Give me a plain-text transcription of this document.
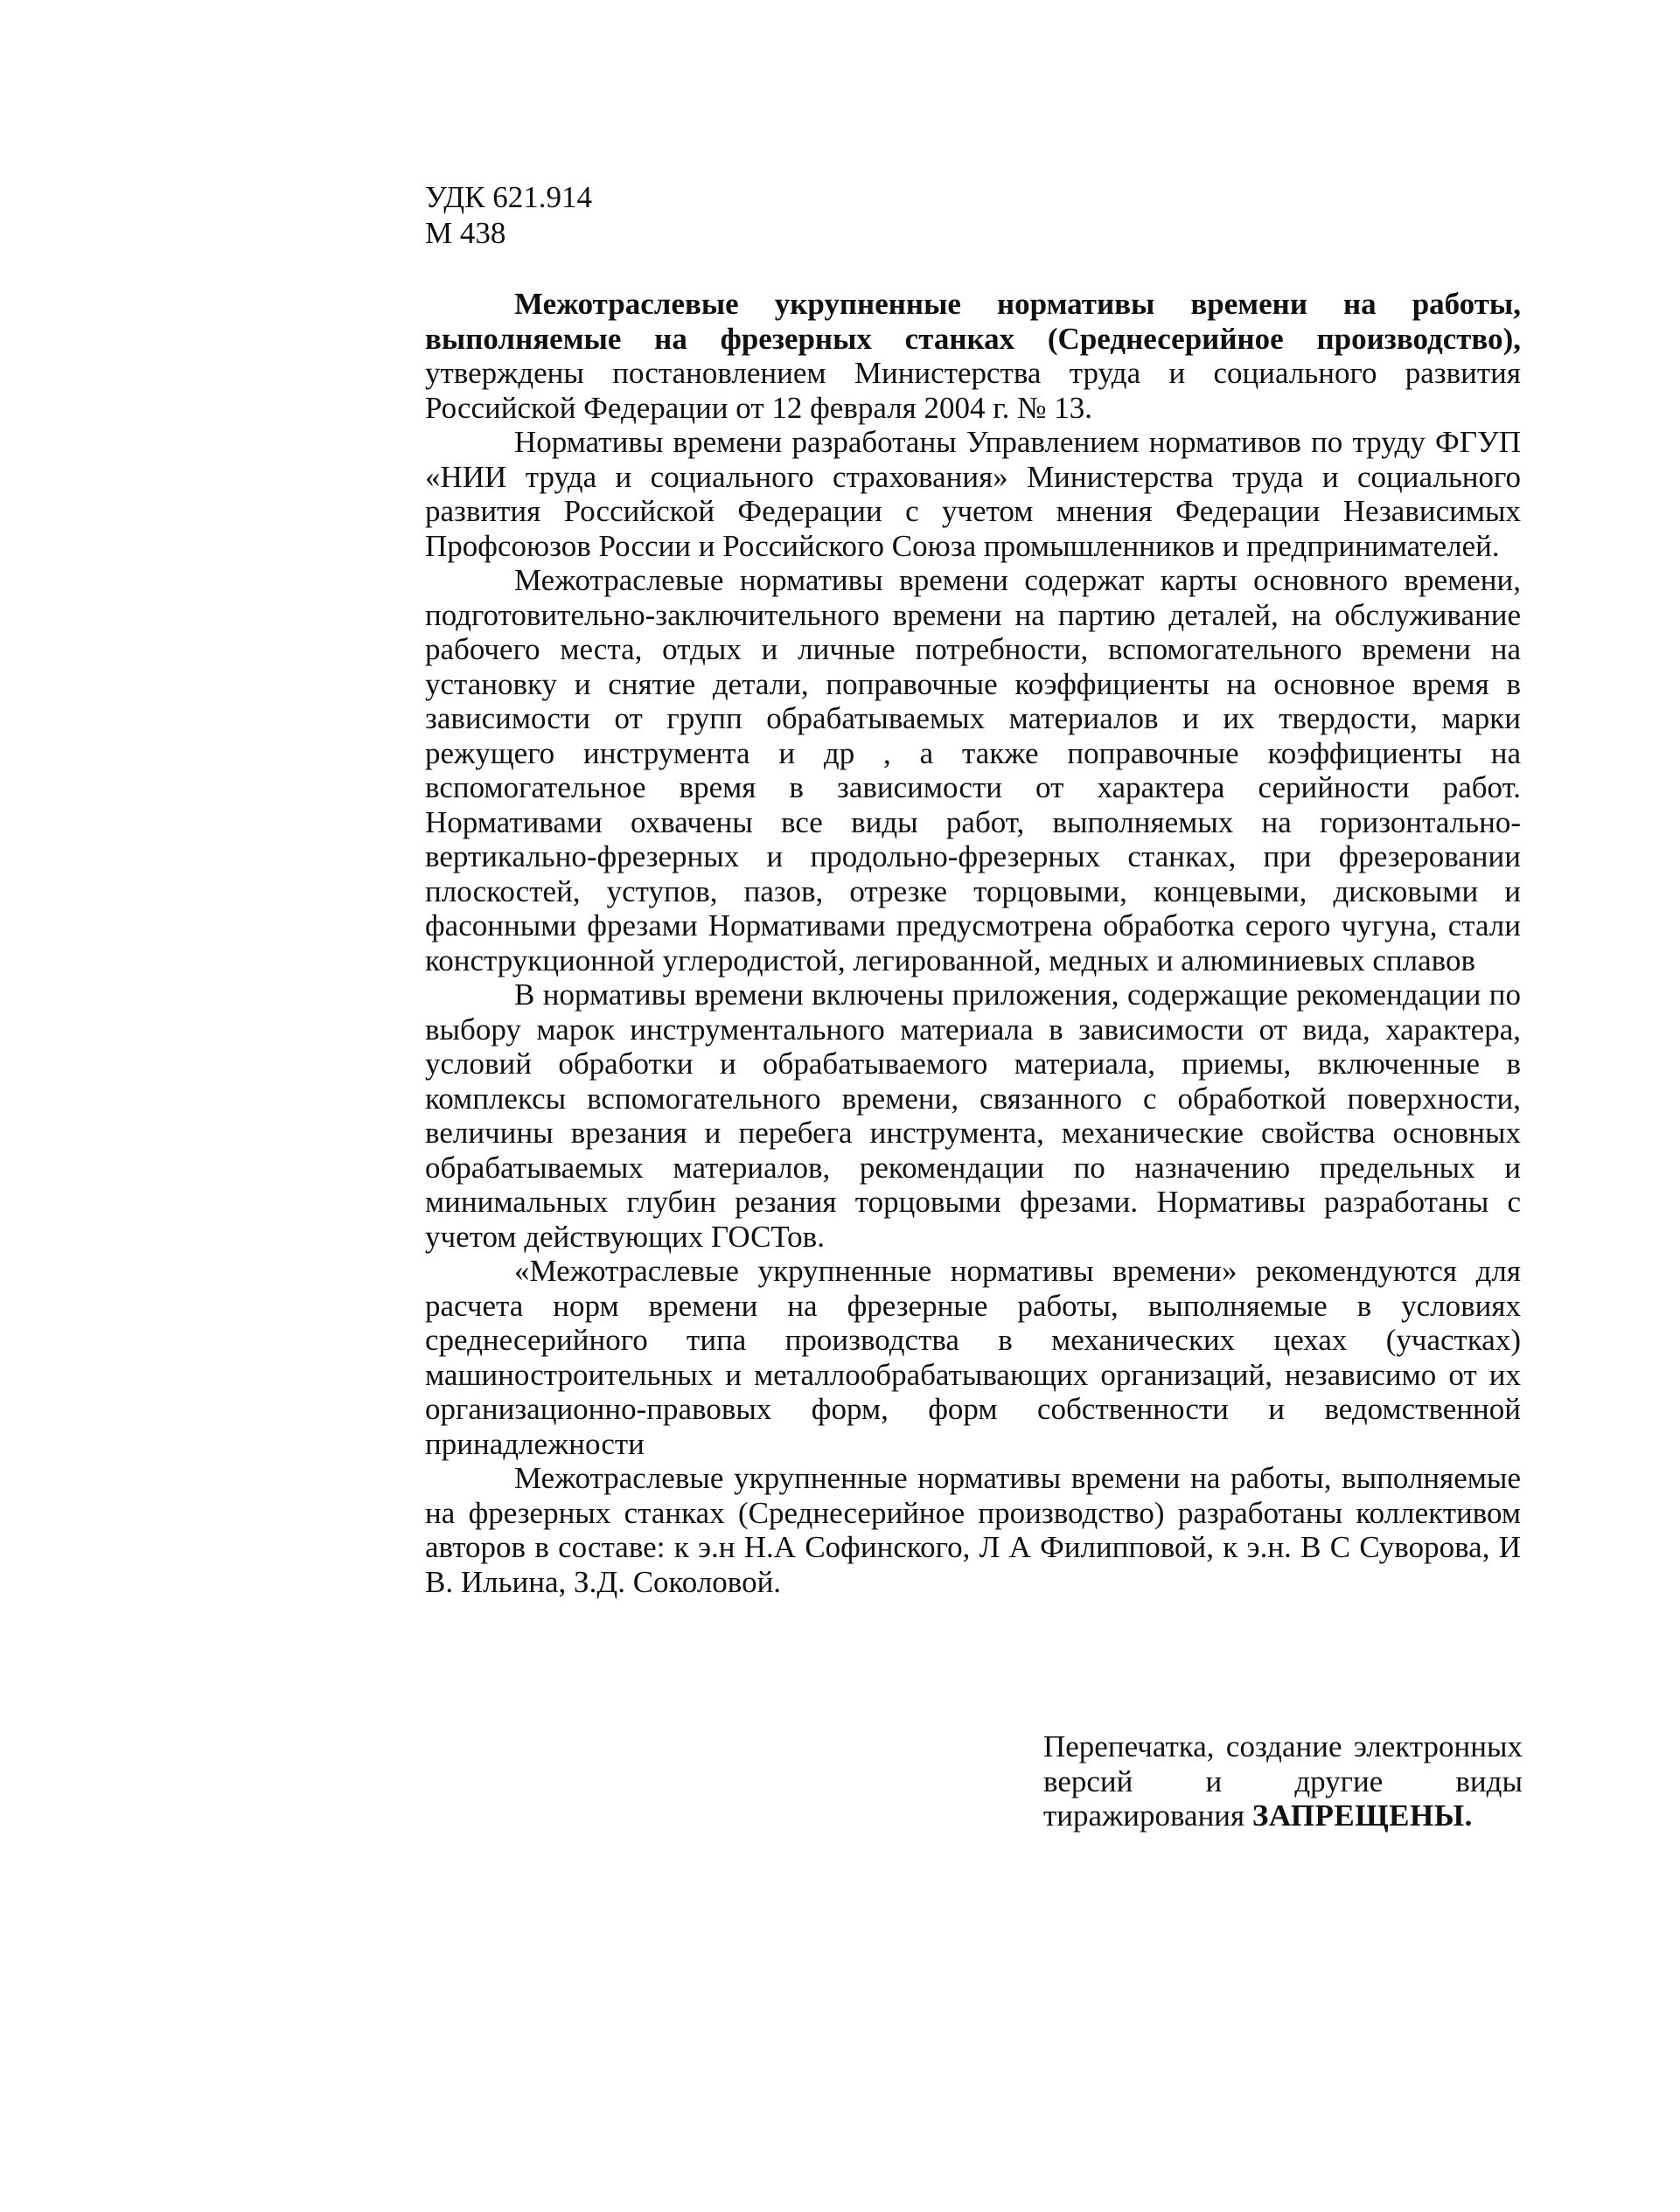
УДК 621.914
М 438

Межотраслевые укрупненные нормативы времени на работы, выполняемые на фрезерных станках (Среднесерийное производство), утверждены постановлением Министерства труда и социального развития Российской Федерации от 12 февраля 2004 г. № 13.

Нормативы времени разработаны Управлением нормативов по труду ФГУП «НИИ труда и социального страхования» Министерства труда и социального развития Российской Федерации с учетом мнения Федерации Независимых Профсоюзов России и Российского Союза промышленников и предпринимателей.

Межотраслевые нормативы времени содержат карты основного времени, подготовительно-заключительного времени на партию деталей, на обслуживание рабочего места, отдых и личные потребности, вспомогательного времени на установку и снятие детали, поправочные коэффициенты на основное время в зависимости от групп обрабатываемых материалов и их твердости, марки режущего инструмента и др , а также поправочные коэффициенты на вспомогательное время в зависимости от характера серийности работ. Нормативами охвачены все виды работ, выполняемых на горизонтально-вертикально-фрезерных и продольно-фрезерных станках, при фрезеровании плоскостей, уступов, пазов, отрезке торцовыми, концевыми, дисковыми и фасонными фрезами Нормативами предусмотрена обработка серого чугуна, стали конструкционной углеродистой, легированной, медных и алюминиевых сплавов

В нормативы времени включены приложения, содержащие рекомендации по выбору марок инструментального материала в зависимости от вида, характера, условий обработки и обрабатываемого материала, приемы, включенные в комплексы вспомогательного времени, связанного с обработкой поверхности, величины врезания и перебега инструмента, механические свойства основных обрабатываемых материалов, рекомендации по назначению предельных и минимальных глубин резания торцовыми фрезами. Нормативы разработаны с учетом действующих ГОСТов.

«Межотраслевые укрупненные нормативы времени» рекомендуются для расчета норм времени на фрезерные работы, выполняемые в условиях среднесерийного типа производства в механических цехах (участках) машиностроительных и металлообрабатывающих организаций, независимо от их организационно-правовых форм, форм собственности и ведомственной принадлежности

Межотраслевые укрупненные нормативы времени на работы, выполняемые на фрезерных станках (Среднесерийное производство) разработаны коллективом авторов в составе: к э.н Н.А Софинского, Л А Филипповой, к э.н. В С Суворова, И В. Ильина, З.Д. Соколовой.

Перепечатка, создание электронных версий и другие виды тиражирования ЗАПРЕЩЕНЫ.
